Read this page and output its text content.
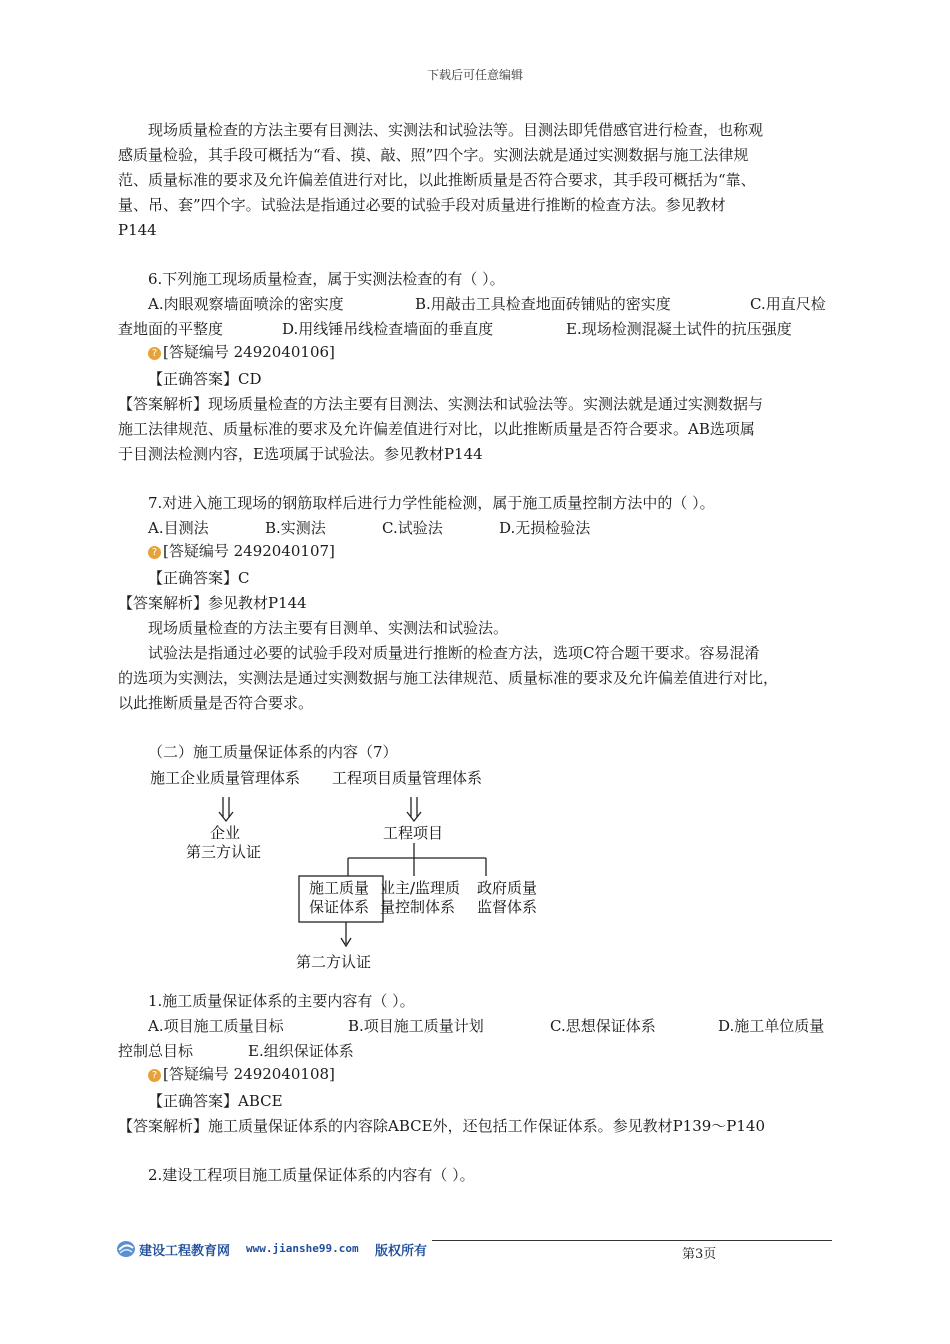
下载后可任意编辑
现场质量检查的方法主要有目测法、实测法和试验法等。目测法即凭借感官进行检查，也称观
感质量检验，其手段可概括为“看、摸、敲、照”四个字。实测法就是通过实测数据与施工法律规
范、质量标准的要求及允许偏差值进行对比，以此推断质量是否符合要求，其手段可概括为“靠、
量、吊、套”四个字。试验法是指通过必要的试验手段对质量进行推断的检查方法。参见教材
P144
6.下列施工现场质量检查，属于实测法检查的有（ ）。
A.肉眼观察墙面喷涂的密实度	B.用敲击工具检查地面砖铺贴的密实度	C.用直尺检
查地面的平整度	D.用线锤吊线检查墙面的垂直度	E.现场检测混凝土试件的抗压强度
? [答疑编号 2492040106]
【正确答案】CD
【答案解析】现场质量检查的方法主要有目测法、实测法和试验法等。实测法就是通过实测数据与
施工法律规范、质量标准的要求及允许偏差值进行对比，以此推断质量是否符合要求。AB选项属
于目测法检测内容，E选项属于试验法。参见教材P144
7.对进入施工现场的钢筋取样后进行力学性能检测，属于施工质量控制方法中的（ ）。
A.目测法	B.实测法	C.试验法	D.无损检验法
? [答疑编号 2492040107]
【正确答案】C
【答案解析】参见教材P144
现场质量检查的方法主要有目测单、实测法和试验法。
试验法是指通过必要的试验手段对质量进行推断的检查方法，选项C符合题干要求。容易混淆
的选项为实测法，实测法是通过实测数据与施工法律规范、质量标准的要求及允许偏差值进行对比，
以此推断质量是否符合要求。
（二）施工质量保证体系的内容（7）
施工企业质量管理体系 工程项目质量管理体系
企业
第三方认证
工程项目
施工质量
保证体系
业主/监理质
量控制体系
政府质量
监督体系
第二方认证
1.施工质量保证体系的主要内容有（ ）。
A.项目施工质量目标	B.项目施工质量计划	C.思想保证体系	D.施工单位质量
控制总目标	E.组织保证体系
? [答疑编号 2492040108]
【正确答案】ABCE
【答案解析】施工质量保证体系的内容除ABCE外，还包括工作保证体系。参见教材P139～P140
2.建设工程项目施工质量保证体系的内容有（ ）。
建设工程教育网 www.jianshe99.com 版权所有	第3页
